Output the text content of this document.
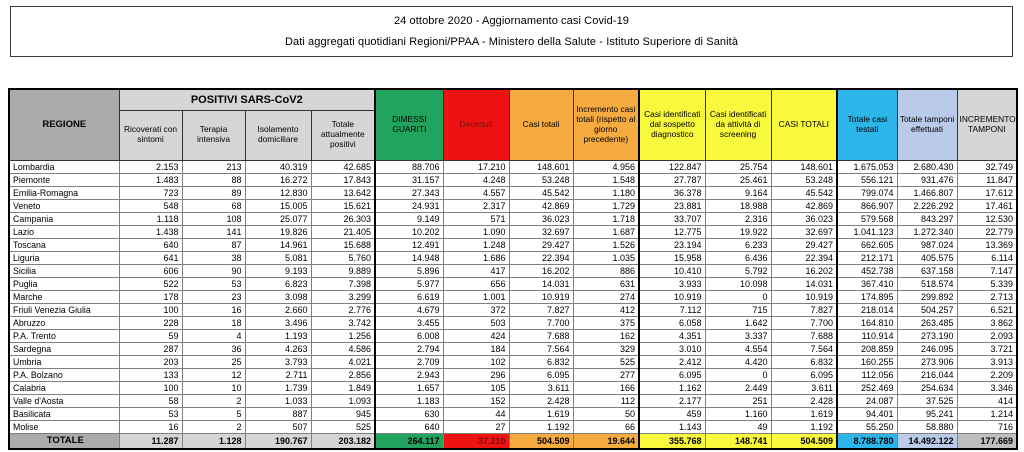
24 ottobre 2020 - Aggiornamento casi Covid-19
Dati aggregati quotidiani Regioni/PPAA - Ministero della Salute - Istituto Superiore di Sanità
REGIONE	POSITIVI SARS-CoV2				DIMESSI GUARITI	Deceduti	Casi totali	Incremento casi totali (rispetto al giorno precedente)	Casi identificati dal sospetto diagnostico	Casi identificati da attività di screening	CASI TOTALI	Totale casi testati	Totale tamponi effettuati	INCREMENTO TAMPONI
	Ricoverati con sintomi	Terapia intensiva	Isolamento domiciliare	Totale attualmente positivi										
Lombardia	2.153	213	40.319	42.685	88.706	17.210	148.601	4.956	122.847	25.754	148.601	1.675.053	2.680.430	32.749
Piemonte	1.483	88	16.272	17.843	31.157	4.248	53.248	1.548	27.787	25.461	53.248	556.121	931.476	11.847
Emilia-Romagna	723	89	12.830	13.642	27.343	4.557	45.542	1.180	36.378	9.164	45.542	799.074	1.466.807	17.612
Veneto	548	68	15.005	15.621	24.931	2.317	42.869	1.729	23.881	18.988	42.869	866.907	2.226.292	17.461
Campania	1.118	108	25.077	26.303	9.149	571	36.023	1.718	33.707	2.316	36.023	579.568	843.297	12.530
Lazio	1.438	141	19.826	21.405	10.202	1.090	32.697	1.687	12.775	19.922	32.697	1.041.123	1.272.340	22.779
Toscana	640	87	14.961	15.688	12.491	1.248	29.427	1.526	23.194	6.233	29.427	662.605	987.024	13.369
Liguria	641	38	5.081	5.760	14.948	1.686	22.394	1.035	15.958	6.436	22.394	212.171	405.575	6.114
Sicilia	606	90	9.193	9.889	5.896	417	16.202	886	10.410	5.792	16.202	452.738	637.158	7.147
Puglia	522	53	6.823	7.398	5.977	656	14.031	631	3.933	10.098	14.031	367.410	518.574	5.339
Marche	178	23	3.098	3.299	6.619	1.001	10.919	274	10.919	0	10.919	174.895	299.892	2.713
Friuli Venezia Giulia	100	16	2.660	2.776	4.679	372	7.827	412	7.112	715	7.827	218.014	504.257	6.521
Abruzzo	228	18	3.496	3.742	3.455	503	7.700	375	6.058	1.642	7.700	164.810	263.485	3.862
P.A. Trento	59	4	1.193	1.256	6.008	424	7.688	162	4.351	3.337	7.688	110.914	273.190	2.093
Sardegna	287	36	4.263	4.586	2.794	184	7.564	329	3.010	4.554	7.564	208.859	246.095	3.721
Umbria	203	25	3.793	4.021	2.709	102	6.832	525	2.412	4.420	6.832	160.255	273.906	3.913
P.A. Bolzano	133	12	2.711	2.856	2.943	296	6.095	277	6.095	0	6.095	112.056	216.044	2.209
Calabria	100	10	1.739	1.849	1.657	105	3.611	166	1.162	2.449	3.611	252.469	254.634	3.346
Valle d'Aosta	58	2	1.033	1.093	1.183	152	2.428	112	2.177	251	2.428	24.087	37.525	414
Basilicata	53	5	887	945	630	44	1.619	50	459	1.160	1.619	94.401	95.241	1.214
Molise	16	2	507	525	640	27	1.192	66	1.143	49	1.192	55.250	58.880	716
TOTALE	11.287	1.128	190.767	203.182	264.117	37.210	504.509	19.644	355.768	148.741	504.509	8.788.780	14.492.122	177.669
